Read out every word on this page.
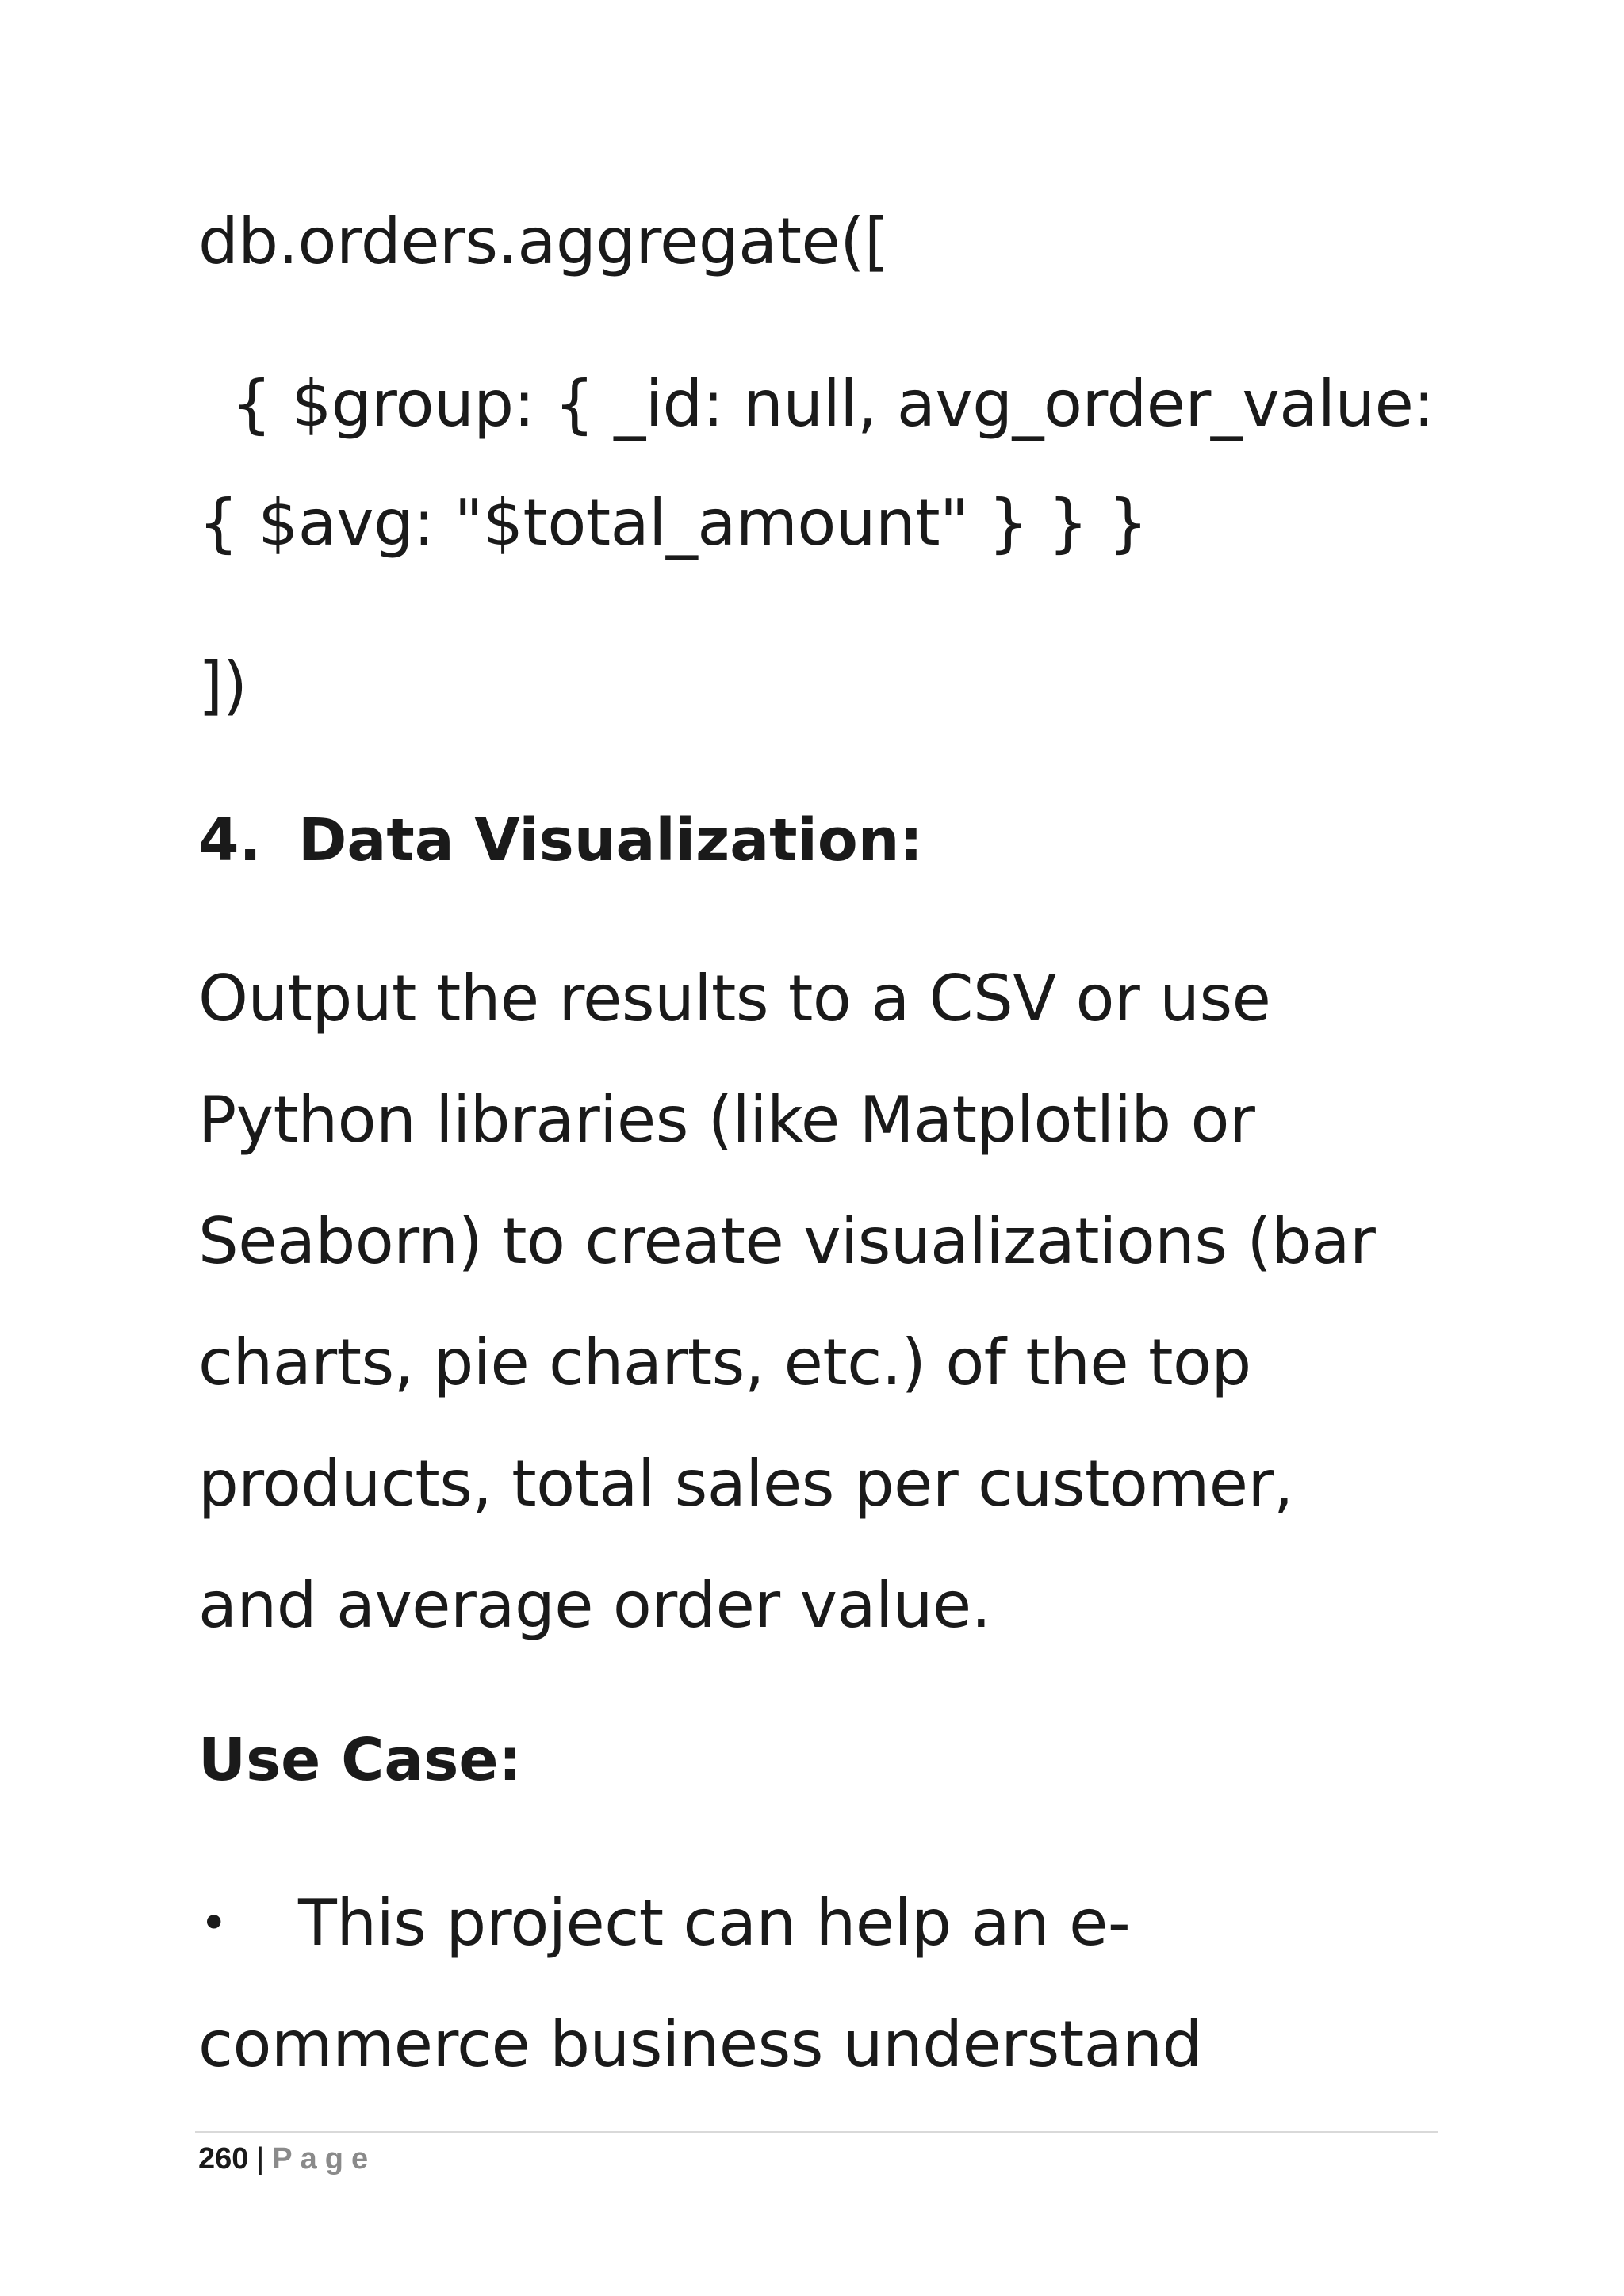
db.orders.aggregate([
{ $group: { _id: null, avg_order_value:
{ $avg: "$total_amount" } } }
])
4. Data Visualization:
Output the results to a CSV or use
Python libraries (like Matplotlib or
Seaborn) to create visualizations (bar
charts, pie charts, etc.) of the top
products, total sales per customer,
and average order value.
Use Case:
• This project can help an e-
commerce business understand
260 | Page
